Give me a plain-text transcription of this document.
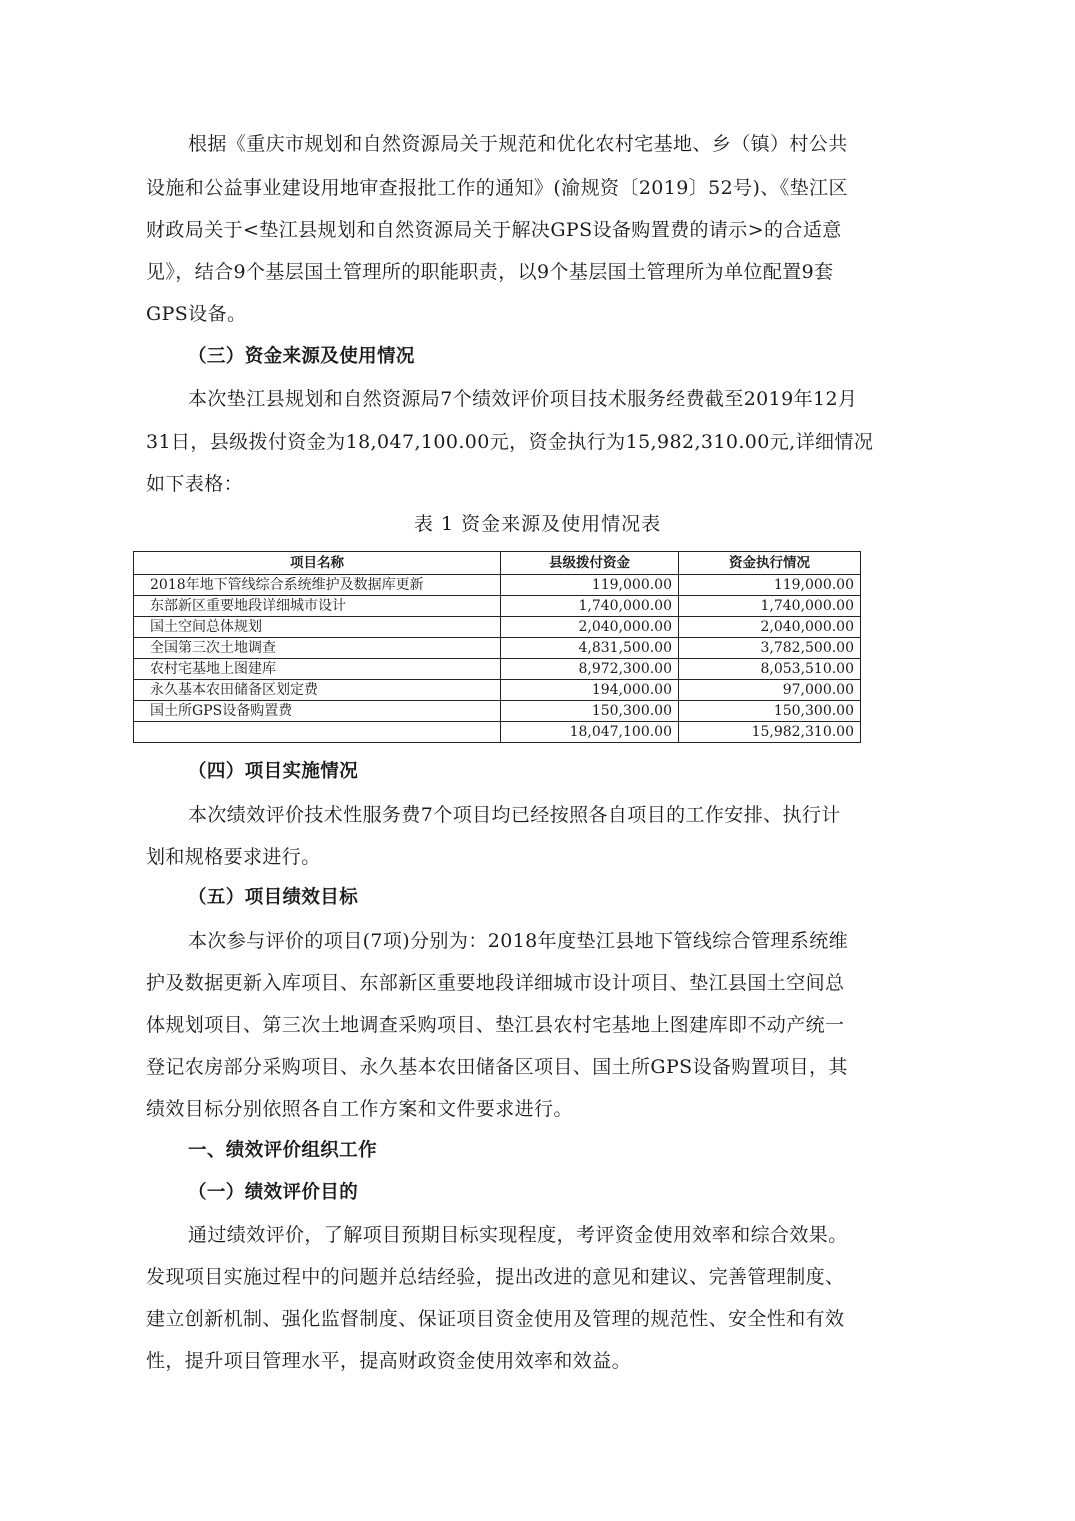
根据《重庆市规划和自然资源局关于规范和优化农村宅基地、乡（镇）村公共
设施和公益事业建设用地审查报批工作的通知》(渝规资〔2019〕52号)、《垫江区
财政局关于<垫江县规划和自然资源局关于解决GPS设备购置费的请示>的合适意
见》，结合9个基层国土管理所的职能职责，以9个基层国土管理所为单位配置9套
GPS设备。
（三）资金来源及使用情况
本次垫江县规划和自然资源局7个绩效评价项目技术服务经费截至2019年12月
31日，县级拨付资金为18,047,100.00元，资金执行为15,982,310.00元,详细情况
如下表格：
表 1 资金来源及使用情况表
项目名称	县级拨付资金	资金执行情况
2018年地下管线综合系统维护及数据库更新	119,000.00	119,000.00
东部新区重要地段详细城市设计	1,740,000.00	1,740,000.00
国土空间总体规划	2,040,000.00	2,040,000.00
全国第三次土地调查	4,831,500.00	3,782,500.00
农村宅基地上图建库	8,972,300.00	8,053,510.00
永久基本农田储备区划定费	194,000.00	97,000.00
国土所GPS设备购置费	150,300.00	150,300.00
	18,047,100.00	15,982,310.00
（四）项目实施情况
本次绩效评价技术性服务费7个项目均已经按照各自项目的工作安排、执行计
划和规格要求进行。
（五）项目绩效目标
本次参与评价的项目(7项)分别为：2018年度垫江县地下管线综合管理系统维
护及数据更新入库项目、东部新区重要地段详细城市设计项目、垫江县国土空间总
体规划项目、第三次土地调查采购项目、垫江县农村宅基地上图建库即不动产统一
登记农房部分采购项目、永久基本农田储备区项目、国土所GPS设备购置项目，其
绩效目标分别依照各自工作方案和文件要求进行。
一、绩效评价组织工作
（一）绩效评价目的
通过绩效评价，了解项目预期目标实现程度，考评资金使用效率和综合效果。
发现项目实施过程中的问题并总结经验，提出改进的意见和建议、完善管理制度、
建立创新机制、强化监督制度、保证项目资金使用及管理的规范性、安全性和有效
性，提升项目管理水平，提高财政资金使用效率和效益。
